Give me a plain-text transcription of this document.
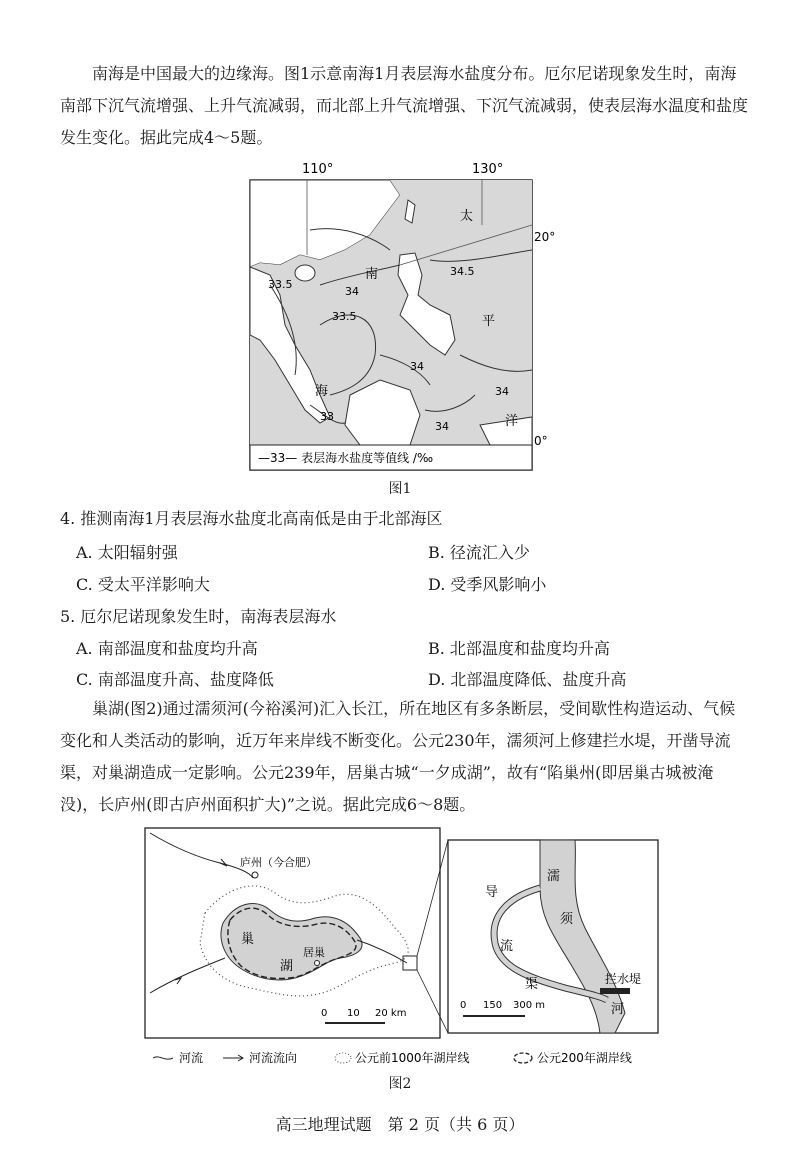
南海是中国最大的边缘海。图1示意南海1月表层海水盐度分布。厄尔尼诺现象发生时，南海南部下沉气流增强、上升气流减弱，而北部上升气流增强、下沉气流减弱，使表层海水温度和盐度发生变化。据此完成4～5题。
110°	130°
33.5
34
34.5
33.5
34
34
34
33
南
海
太
平
洋
20°
0°
—33— 表层海水盐度等值线 /‰
图1
4. 推测南海1月表层海水盐度北高南低是由于北部海区
A. 太阳辐射强	B. 径流汇入少
C. 受太平洋影响大	D. 受季风影响小
5. 厄尔尼诺现象发生时，南海表层海水
A. 南部温度和盐度均升高	B. 北部温度和盐度均升高
C. 南部温度升高、盐度降低	D. 北部温度降低、盐度升高
巢湖(图2)通过濡须河(今裕溪河)汇入长江，所在地区有多条断层，受间歇性构造运动、气候变化和人类活动的影响，近万年来岸线不断变化。公元230年，濡须河上修建拦水堤，开凿导流渠，对巢湖造成一定影响。公元239年，居巢古城“一夕成湖”，故有“陷巢州(即居巢古城被淹没)，长庐州(即古庐州面积扩大)”之说。据此完成6～8题。
庐州（今合肥）
巢
湖
居巢
0 10 20 km
拦水堤
濡
须
河
导
流
渠
0 150 300 m
河流	河流流向	公元前1000年湖岸线	公元200年湖岸线
图2
高三地理试题　第 2 页（共 6 页）
